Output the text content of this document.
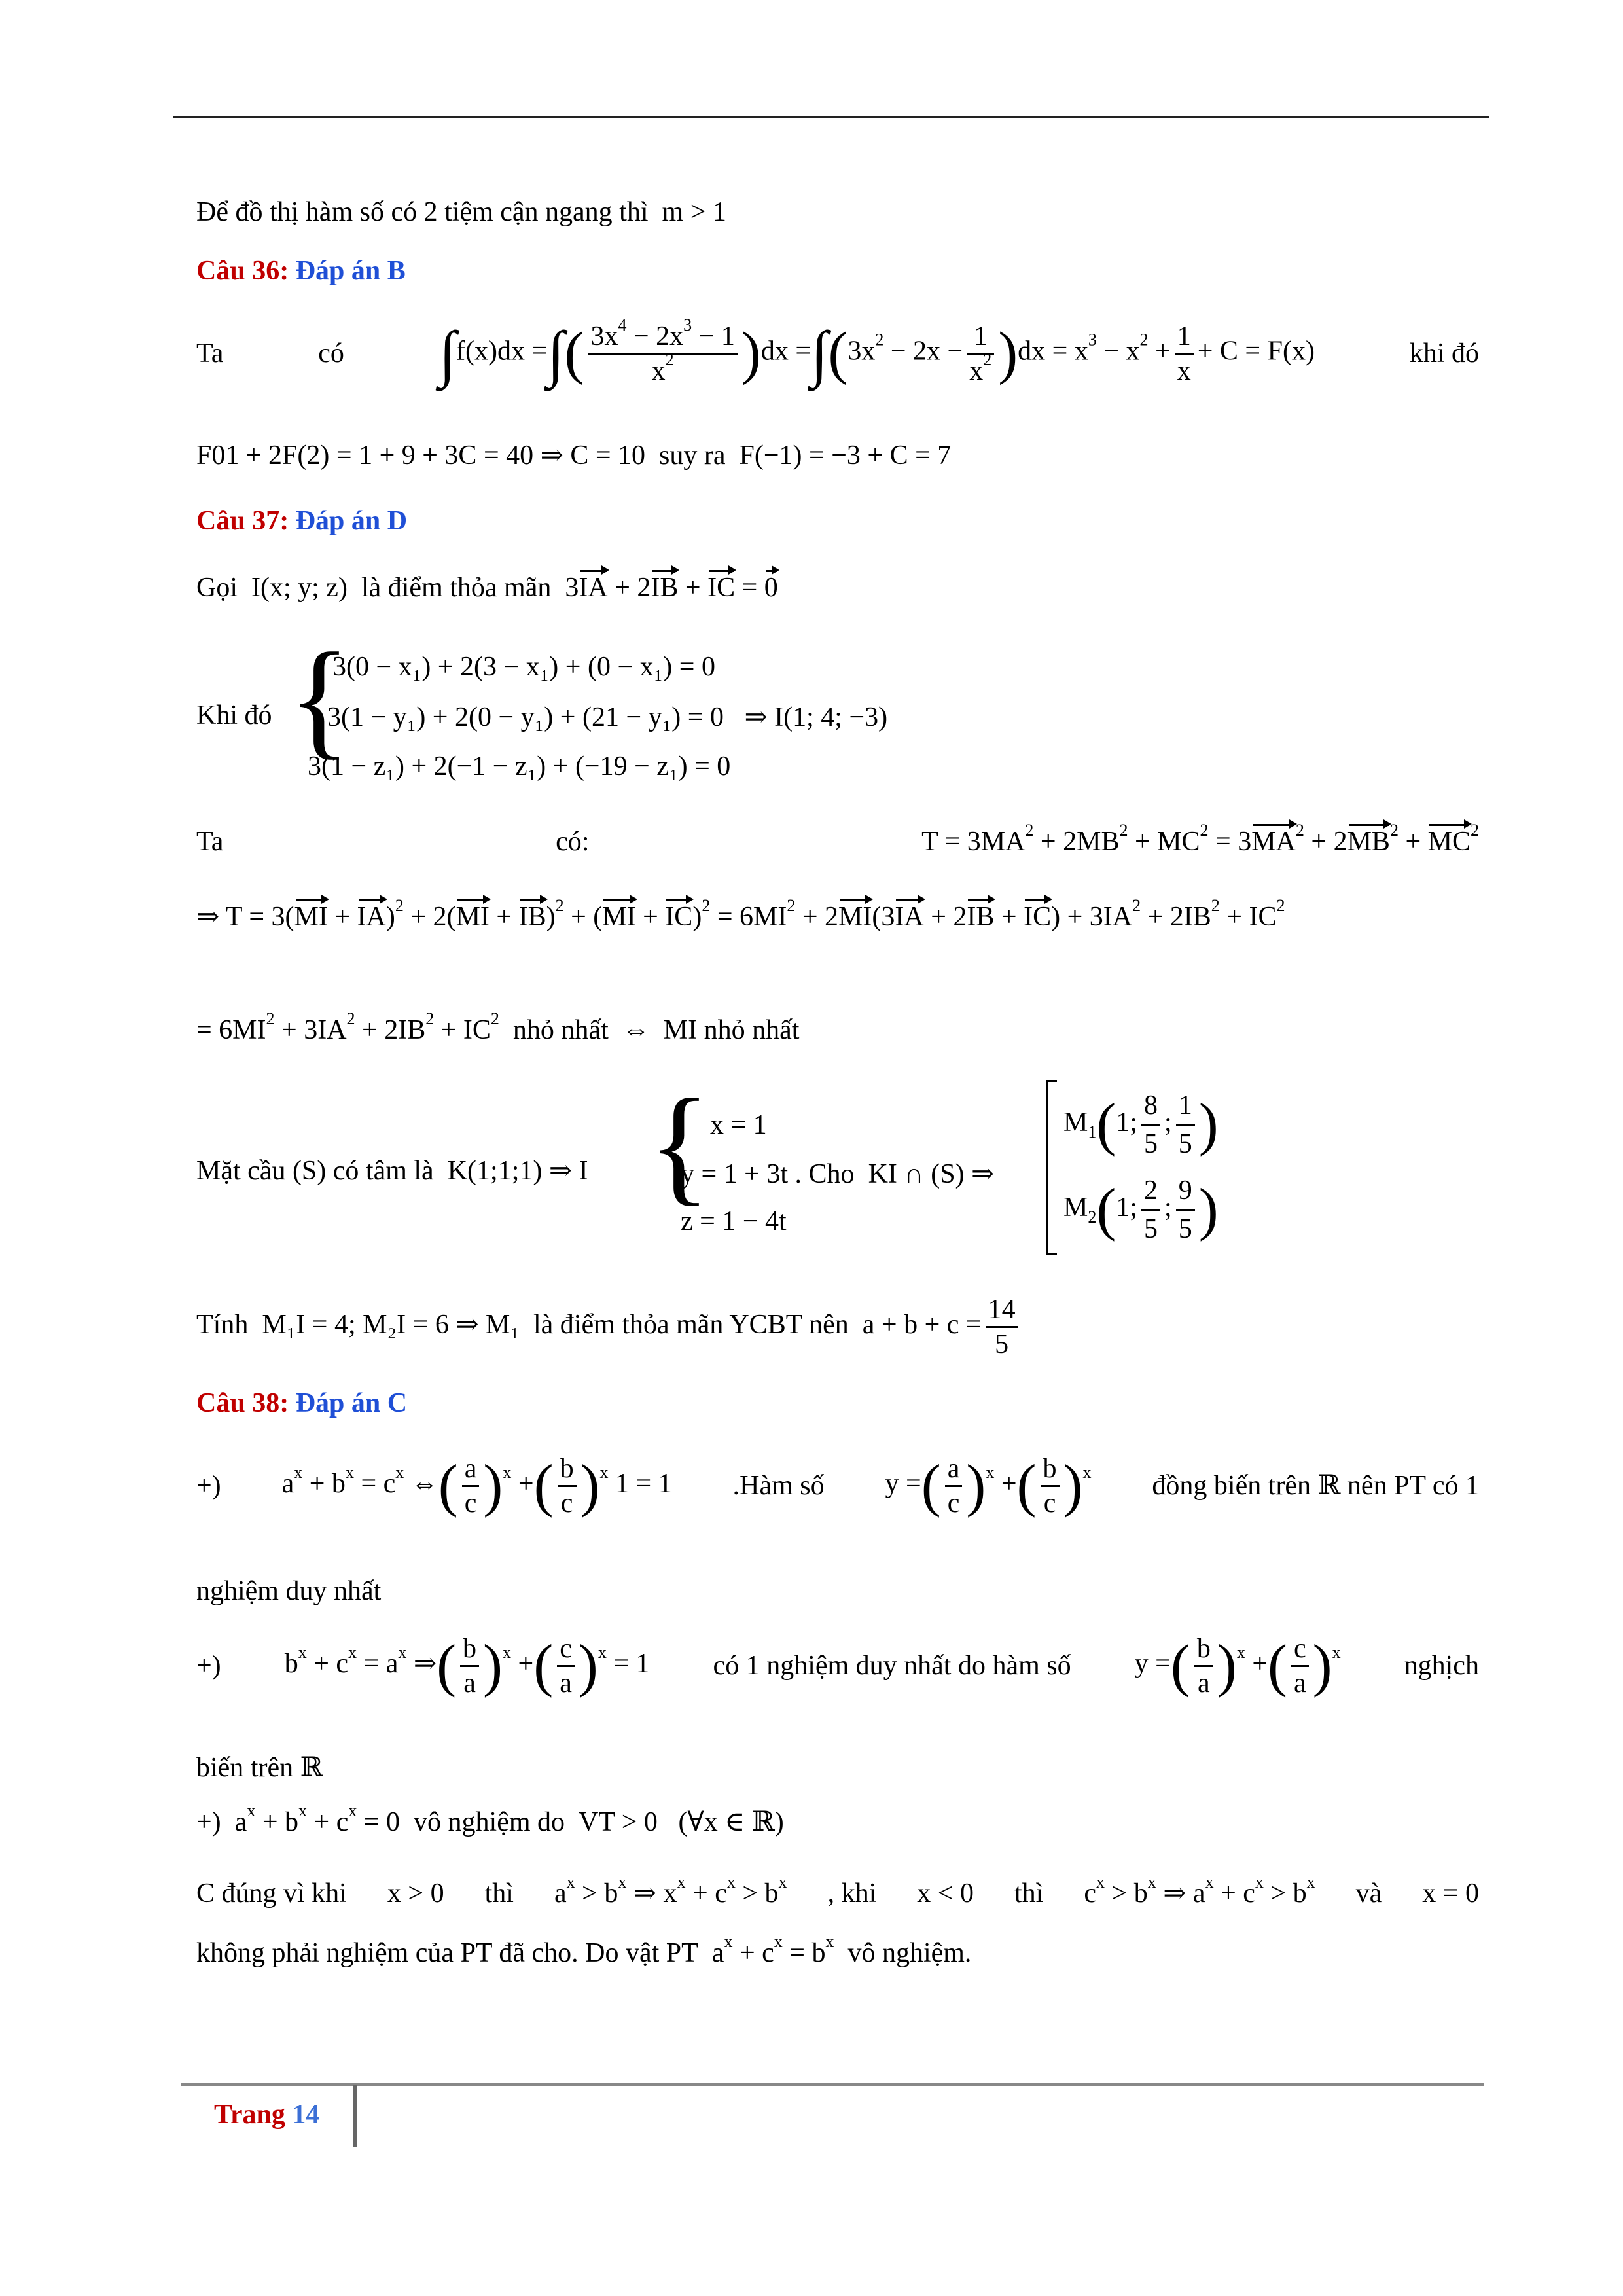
Để đồ thị hàm số có 2 tiệm cận ngang thì m > 1
Câu 36: Đáp án B
Ta	có ∫f(x)dx =∫( $\frac{3x^4 - 2x^3 - 1}{x^2} )dx =\int(3x^2 - 2x - \frac{1}{x^2} )dx = x^3 - x^2 + \frac{1}{x} + C = F(x)$	khi đó
F01 + 2F(2) = 1 + 9 + 3C = 40 ⇒ C = 10 suy ra F(−1) = −3 + C = 7
Câu 37: Đáp án D
Gọi I(x; y; z) là điểm thỏa mãn  3IA + 2IB + IC = 0
Khi đó {
3(0 − x₁) + 2(3 − x₁) + (0 − x₁) = 0
3(1 − y₁) + 2(0 − y₁) + (21 − y₁) = 0 ⇒ I(1; 4; −3)
3(1 − z₁) + 2(−1 − z₁) + (−19 − z₁) = 0
Ta	có:	$T = 3MA^2 + 2MB^2 + MC^2 = 3MA^2 + 2MB^2 + MC^2$
⇒ $T = 3(MI + IA)^2 + 2(MI + IB)^2 + (MI + IC)^2 = 6MI^2 + 2MI(3IA + 2IB + IC) + 3IA^2 + 2IB^2 + IC^2$
= $6MI^2 + 3IA^2 + 2IB^2 + IC^2$ nhỏ nhất  ⇔  MI nhỏ nhất
Mặt cầu (S) có tâm là K(1;1;1) ⇒ I { x = 1
y = 1 + 3t . Cho KI ∩ (S) ⇒
z = 1 − 4t
$M_1(1$; $\frac{8}{5}$ ; $\frac{1}{5}$ )
$M_2(1$; $\frac{2}{5}$ ; $\frac{9}{5}$ )
Tính M₁I = 4; M₂I = 6 ⇒ M₁ là điểm thỏa mãn YCBT nên $a + b + c = \frac{14}{5}$
Câu 38: Đáp án C
+) $a^x + b^x = c^x$ ⇔( $\frac{a}{c} )^x$ +( $\frac{b}{c} )^x$ 1 = 1 .Hàm số y =( $\frac{a}{c} )^x$ +( $\frac{b}{c} )^x$ đồng biến trên ℝ nên PT có 1
nghiệm duy nhất
+) $b^x + c^x = a^x$ ⇒( $\frac{b}{a} )^x$ +( $\frac{c}{a} )^x = 1$ có 1 nghiệm duy nhất do hàm số y =( $\frac{b}{a} )^x$ +( $\frac{c}{a} )^x$ nghịch
biến trên ℝ
+)  $a^x + b^x + c^x = 0$  vô nghiệm do VT > 0 (∀x ∈ ℝ)
C đúng vì khi x > 0 thì $a^x > b^x$ ⇒ $x^x + c^x > b^x$ , khi x < 0 thì $c^x > b^x$ ⇒ $a^x + c^x > b^x$ và x = 0
không phải nghiệm của PT đã cho. Do vật PT  $a^x + c^x = b^x$ vô nghiệm.
Trang 14
